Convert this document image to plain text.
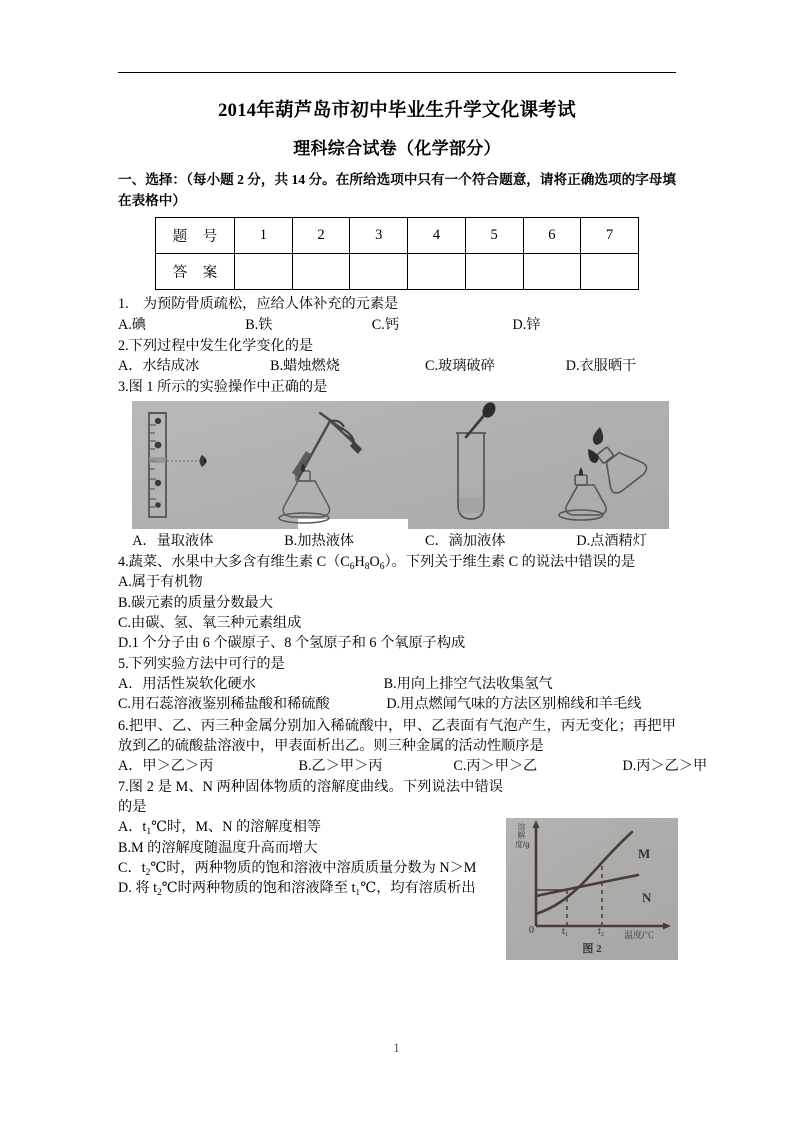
2014年葫芦岛市初中毕业生升学文化课考试
理科综合试卷（化学部分）
一、选择：（每小题 2 分，共 14 分。在所给选项中只有一个符合题意，请将正确选项的字母填在表格中）
题 号	1	2	3	4	5	6	7
答 案							
1.　为预防骨质疏松，应给人体补充的元素是
A.碘　　　　　　　B.铁　　　　　　　C.钙　　　　　　　　D.锌
2.下列过程中发生化学变化的是
A．水结成冰　　　　　B.蜡烛燃烧　　　　　　C.玻璃破碎　　　　　D.衣服晒干
3.图 1 所示的实验操作中正确的是
　A．量取液体　　　　　B.加热液体　　　　　C．滴加液体　　　　　D.点酒精灯
4.蔬菜、水果中大多含有维生素 $C(C_6H_8O_6)$。下列关于维生素 C 的说法中错误的是
A.属于有机物
B.碳元素的质量分数最大
C.由碳、氢、氧三种元素组成
D.1 个分子由 6 个碳原子、8 个氢原子和 6 个氧原子构成
5.下列实验方法中可行的是
A．用活性炭软化硬水　　　　　　　　　B.用向上排空气法收集氢气
C.用石蕊溶液鉴别稀盐酸和稀硫酸　　　　D.用点燃闻气味的方法区别棉线和羊毛线
6.把甲、乙、丙三种金属分别加入稀硫酸中，甲、乙表面有气泡产生，丙无变化；再把甲放到乙的硫酸盐溶液中，甲表面析出乙。则三种金属的活动性顺序是
A．甲＞乙＞丙　　　　　　B.乙＞甲＞丙　　　　　C.丙＞甲＞乙　　　　　　D.丙＞乙＞甲
7.图 2 是 M、N 两种固体物质的溶解度曲线。下列说法中错误的是
A．$t_1℃$时，M、N 的溶解度相等
B.M 的溶解度随温度升高而增大
C．$t_2℃$时，两种物质的饱和溶液中溶质质量分数为 N＞M
D. 将 $t_2℃$时两种物质的饱和溶液降至 t₁℃，均有溶质析出
溶解度/g
M
N
0	t₁	t₂ 温度/℃
图 2
1
